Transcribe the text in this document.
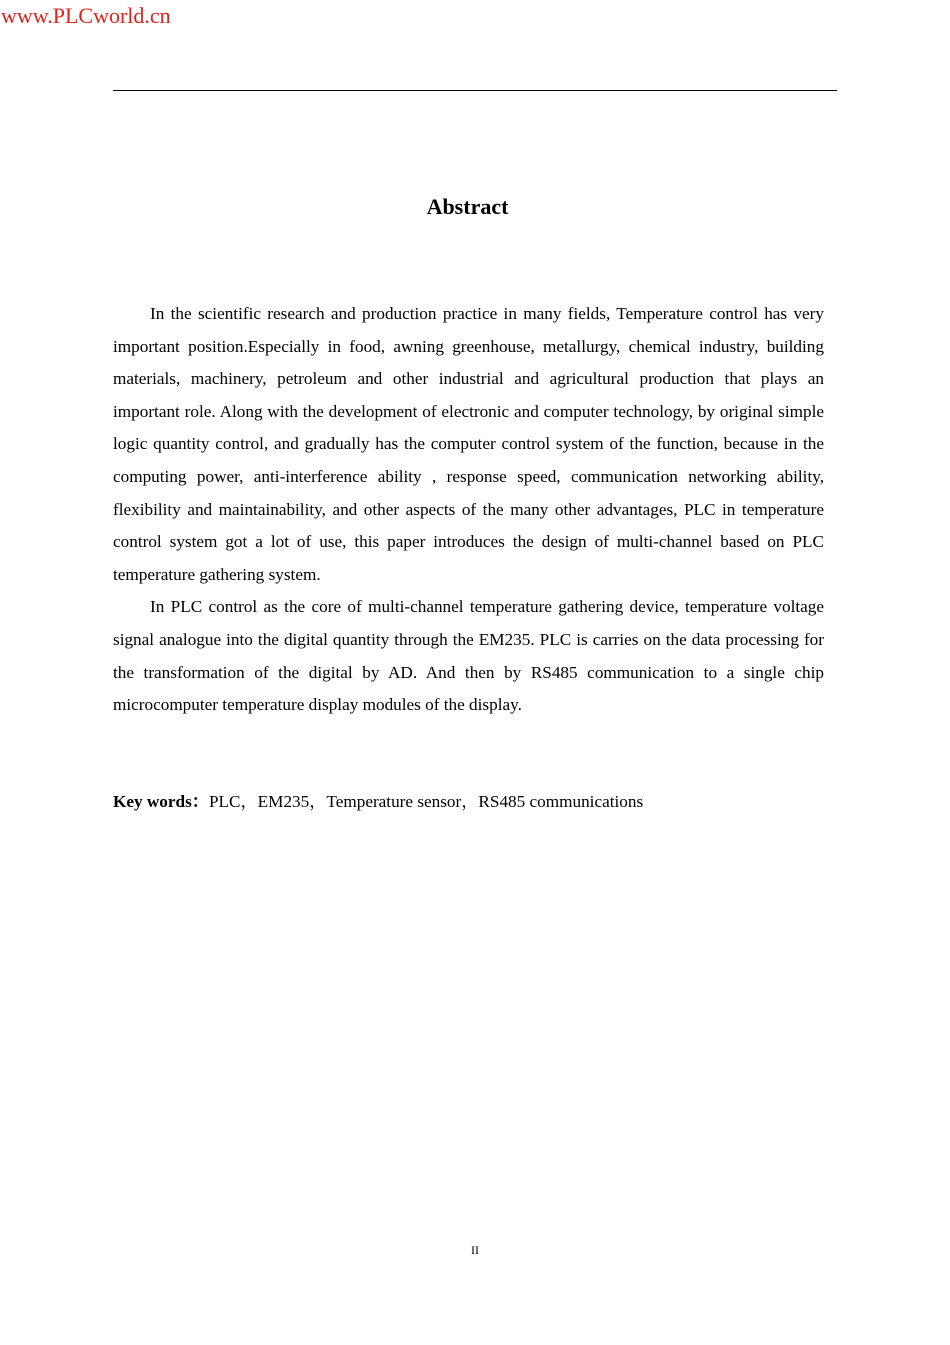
www.PLCworld.cn
Abstract

In the scientific research and production practice in many fields, Temperature control has very important position.Especially in food, awning greenhouse, metallurgy, chemical industry, building materials, machinery, petroleum and other industrial and agricultural production that plays an important role. Along with the development of electronic and computer technology, by original simple logic quantity control, and gradually has the computer control system of the function, because in the computing power, anti-interference ability , response speed, communication networking ability, flexibility and maintainability, and other aspects of the many other advantages, PLC in temperature control system got a lot of use, this paper introduces the design of multi-channel based on PLC temperature gathering system.

In PLC control as the core of multi-channel temperature gathering device, temperature voltage signal analogue into the digital quantity through the EM235. PLC is carries on the data processing for the transformation of the digital by AD. And then by RS485 communication to a single chip microcomputer temperature display modules of the display.

Key words：PLC，EM235，Temperature sensor，RS485 communications
II
